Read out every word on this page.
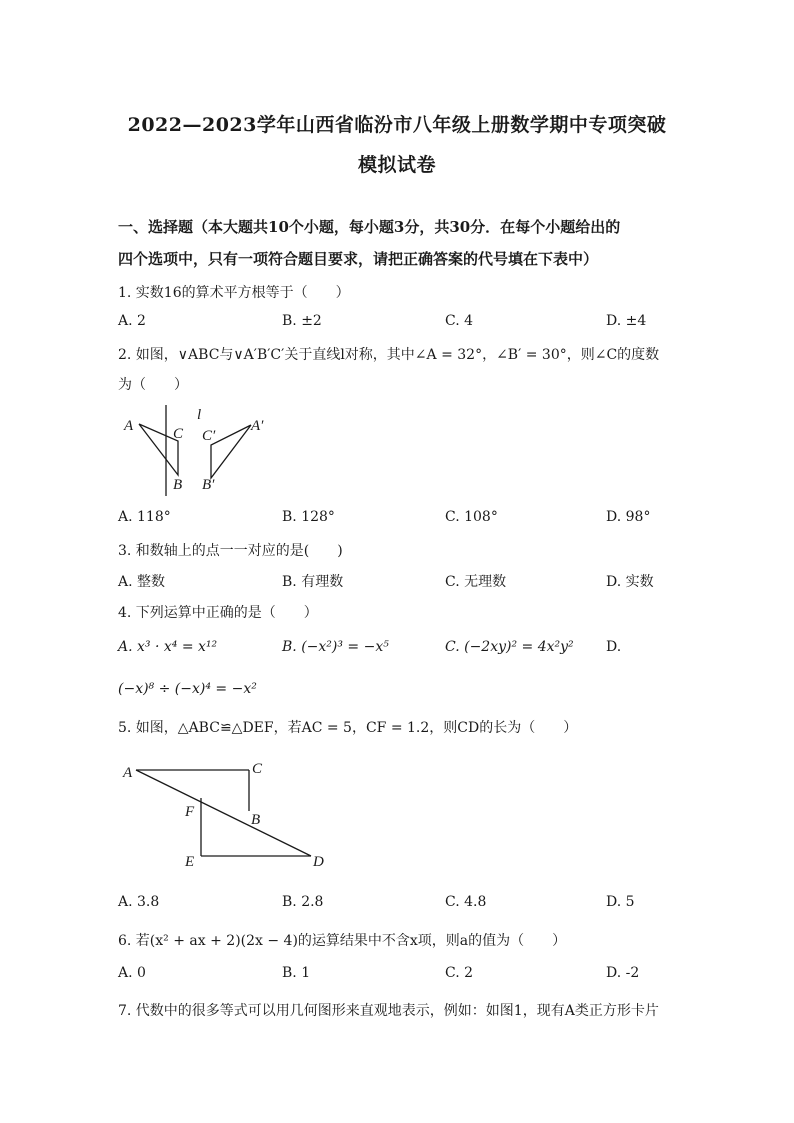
2022—2023学年山西省临汾市八年级上册数学期中专项突破
模拟试卷
一、选择题（本大题共10个小题，每小题3分，共30分．在每个小题给出的
四个选项中，只有一项符合题目要求，请把正确答案的代号填在下表中）
1. 实数16的算术平方根等于（　　）
A. 2	B. ±2	C. 4	D. ±4
2. 如图，∨ABC与∨A′B′C′关于直线l对称，其中∠A = 32°，∠B′ = 30°，则∠C的度数
为（　　）
A
B
C
l
A′
B′
C′
A. 118°	B. 128°	C. 108°	D. 98°
3. 和数轴上的点一一对应的是(　　)
A. 整数	B. 有理数	C. 无理数	D. 实数
4. 下列运算中正确的是（　　）
A. x³ · x⁴ = x¹²	B. (−x²)³ = −x⁵	C. (−2xy)² = 4x²y² D.
(−x)⁸ ÷ (−x)⁴ = −x²
5. 如图，△ABC≌△DEF，若AC = 5，CF = 1.2，则CD的长为（　　）
A	C
F	B
E	D
A. 3.8	B. 2.8	C. 4.8	D. 5
6. 若(x² + ax + 2)(2x − 4)的运算结果中不含x项，则a的值为（　　）
A. 0	B. 1	C. 2	D. -2
7. 代数中的很多等式可以用几何图形来直观地表示，例如：如图1，现有A类正方形卡片
